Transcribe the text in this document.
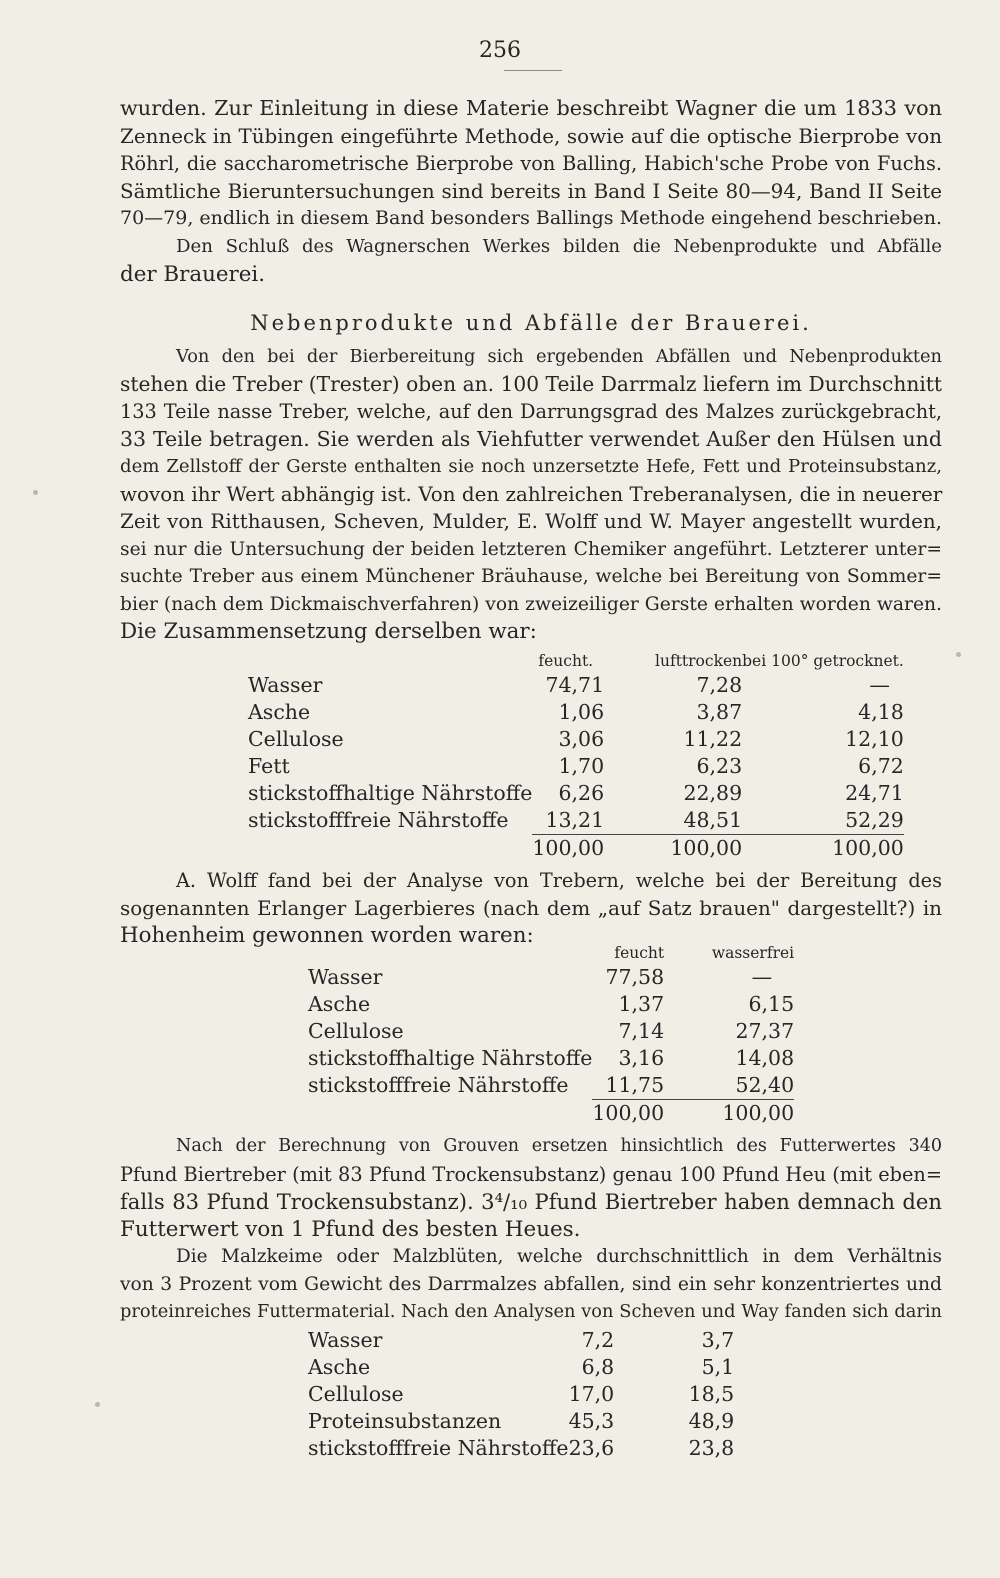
256
wurden. Zur Einleitung in diese Materie beschreibt Wagner die um 1833 von
Zenneck in Tübingen eingeführte Methode, sowie auf die optische Bierprobe von
Röhrl, die saccharometrische Bierprobe von Balling, Habich'sche Probe von Fuchs.
Sämtliche Bieruntersuchungen sind bereits in Band I Seite 80—94, Band II Seite
70—79, endlich in diesem Band besonders Ballings Methode eingehend beschrieben.
Den Schluß des Wagnerschen Werkes bilden die Nebenprodukte und Abfälle
der Brauerei.
Nebenprodukte und Abfälle der Brauerei.
Von den bei der Bierbereitung sich ergebenden Abfällen und Nebenprodukten
stehen die Treber (Trester) oben an. 100 Teile Darrmalz liefern im Durchschnitt
133 Teile nasse Treber, welche, auf den Darrungsgrad des Malzes zurückgebracht,
33 Teile betragen. Sie werden als Viehfutter verwendet Außer den Hülsen und
dem Zellstoff der Gerste enthalten sie noch unzersetzte Hefe, Fett und Proteinsubstanz,
wovon ihr Wert abhängig ist. Von den zahlreichen Treberanalysen, die in neuerer
Zeit von Ritthausen, Scheven, Mulder, E. Wolff und W. Mayer angestellt wurden,
sei nur die Untersuchung der beiden letzteren Chemiker angeführt. Letzterer unter=
suchte Treber aus einem Münchener Bräuhause, welche bei Bereitung von Sommer=
bier (nach dem Dickmaischverfahren) von zweizeiliger Gerste erhalten worden waren.
Die Zusammensetzung derselben war:
	feucht.	lufttrocken	bei 100° getrocknet.
Wasser	74,71	7,28	—
Asche	1,06	3,87	4,18
Cellulose	3,06	11,22	12,10
Fett	1,70	6,23	6,72
stickstoffhaltige Nährstoffe	6,26	22,89	24,71
stickstofffreie Nährstoffe	13,21	48,51	52,29
	100,00	100,00	100,00
A. Wolff fand bei der Analyse von Trebern, welche bei der Bereitung des
sogenannten Erlanger Lagerbieres (nach dem „auf Satz brauen" dargestellt?) in
Hohenheim gewonnen worden waren:
	feucht	wasserfrei
Wasser	77,58	—
Asche	1,37	6,15
Cellulose	7,14	27,37
stickstoffhaltige Nährstoffe	3,16	14,08
stickstofffreie Nährstoffe	11,75	52,40
	100,00	100,00
Nach der Berechnung von Grouven ersetzen hinsichtlich des Futterwertes 340
Pfund Biertreber (mit 83 Pfund Trockensubstanz) genau 100 Pfund Heu (mit eben=
falls 83 Pfund Trockensubstanz). 3⁴/₁₀ Pfund Biertreber haben demnach den
Futterwert von 1 Pfund des besten Heues.
Die Malzkeime oder Malzblüten, welche durchschnittlich in dem Verhältnis
von 3 Prozent vom Gewicht des Darrmalzes abfallen, sind ein sehr konzentriertes und
proteinreiches Futtermaterial. Nach den Analysen von Scheven und Way fanden sich darin
Wasser	7,2	3,7
Asche	6,8	5,1
Cellulose	17,0	18,5
Proteinsubstanzen	45,3	48,9
stickstofffreie Nährstoffe	23,6	23,8
